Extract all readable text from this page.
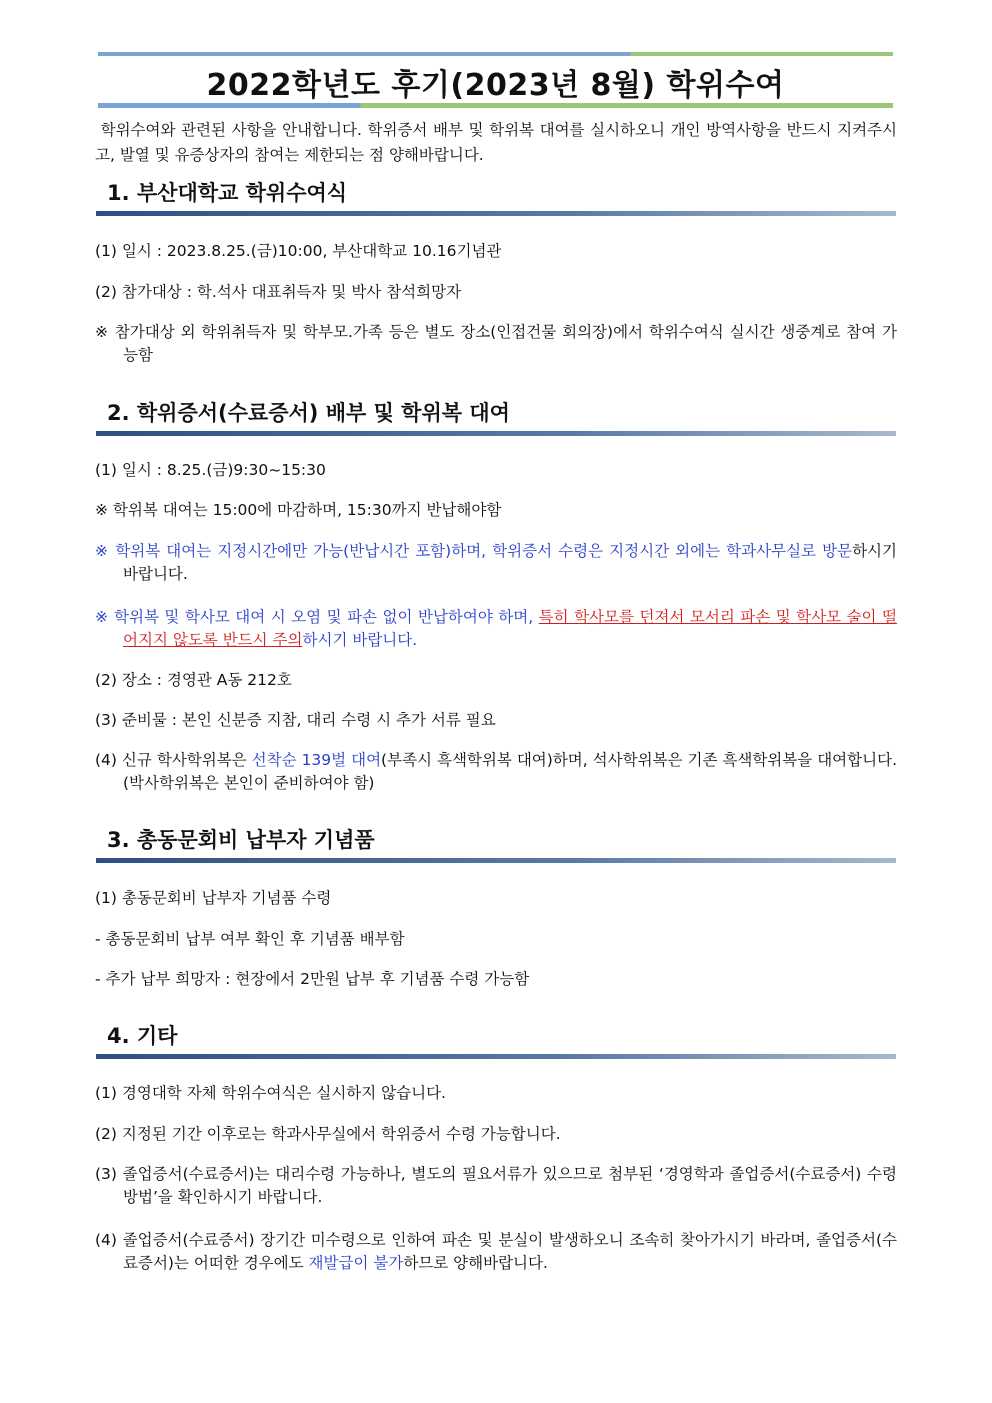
2022학년도 후기(2023년 8월) 학위수여
학위수여와 관련된 사항을 안내합니다. 학위증서 배부 및 학위복 대여를 실시하오니 개인 방역사항을 반드시 지켜주시고, 발열 및 유증상자의 참여는 제한되는 점 양해바랍니다.
1. 부산대학교 학위수여식
(1) 일시 : 2023.8.25.(금)10:00, 부산대학교 10.16기념관
(2) 참가대상 : 학.석사 대표취득자 및 박사 참석희망자
※ 참가대상 외 학위취득자 및 학부모.가족 등은 별도 장소(인접건물 회의장)에서 학위수여식 실시간 생중계로 참여 가능함
2. 학위증서(수료증서) 배부 및 학위복 대여
(1) 일시 : 8.25.(금)9:30~15:30
※ 학위복 대여는 15:00에 마감하며, 15:30까지 반납해야함
※ 학위복 대여는 지정시간에만 가능(반납시간 포함)하며, 학위증서 수령은 지정시간 외에는 학과사무실로 방문하시기 바랍니다.
※ 학위복 및 학사모 대여 시 오염 및 파손 없이 반납하여야 하며, 특히 학사모를 던져서 모서리 파손 및 학사모 술이 떨어지지 않도록 반드시 주의하시기 바랍니다.
(2) 장소 : 경영관 A동 212호
(3) 준비물 : 본인 신분증 지참, 대리 수령 시 추가 서류 필요
(4) 신규 학사학위복은 선착순 139벌 대여(부족시 흑색학위복 대여)하며, 석사학위복은 기존 흑색학위복을 대여합니다. (박사학위복은 본인이 준비하여야 함)
3. 총동문회비 납부자 기념품
(1) 총동문회비 납부자 기념품 수령
- 총동문회비 납부 여부 확인 후 기념품 배부함
- 추가 납부 희망자 : 현장에서 2만원 납부 후 기념품 수령 가능함
4. 기타
(1) 경영대학 자체 학위수여식은 실시하지 않습니다.
(2) 지정된 기간 이후로는 학과사무실에서 학위증서 수령 가능합니다.
(3) 졸업증서(수료증서)는 대리수령 가능하나, 별도의 필요서류가 있으므로 첨부된 ‘경영학과 졸업증서(수료증서) 수령 방법’을 확인하시기 바랍니다.
(4) 졸업증서(수료증서) 장기간 미수령으로 인하여 파손 및 분실이 발생하오니 조속히 찾아가시기 바라며, 졸업증서(수료증서)는 어떠한 경우에도 재발급이 불가하므로 양해바랍니다.
